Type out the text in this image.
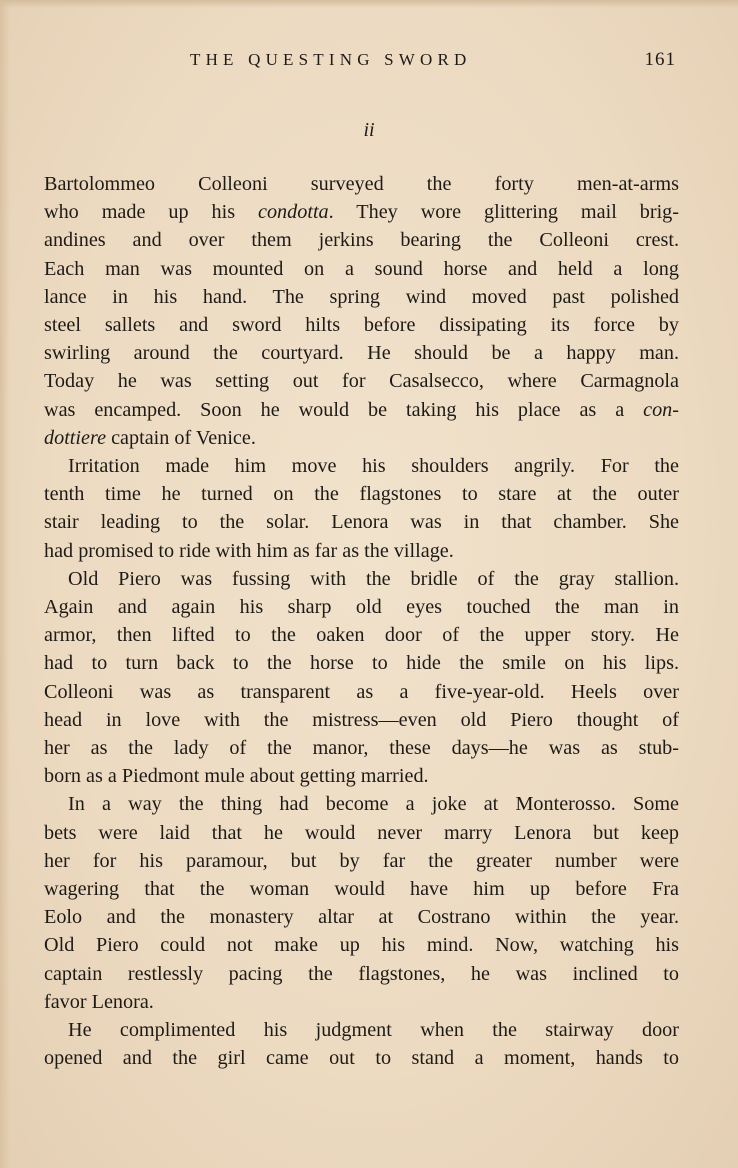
THE QUESTING SWORD	161
ii
Bartolommeo Colleoni surveyed the forty men-at-arms
who made up his condotta. They wore glittering mail brig-
andines and over them jerkins bearing the Colleoni crest.
Each man was mounted on a sound horse and held a long
lance in his hand. The spring wind moved past polished
steel sallets and sword hilts before dissipating its force by
swirling around the courtyard. He should be a happy man.
Today he was setting out for Casalsecco, where Carmagnola
was encamped. Soon he would be taking his place as a con-
dottiere captain of Venice.
Irritation made him move his shoulders angrily. For the
tenth time he turned on the flagstones to stare at the outer
stair leading to the solar. Lenora was in that chamber. She
had promised to ride with him as far as the village.
Old Piero was fussing with the bridle of the gray stallion.
Again and again his sharp old eyes touched the man in
armor, then lifted to the oaken door of the upper story. He
had to turn back to the horse to hide the smile on his lips.
Colleoni was as transparent as a five-year-old. Heels over
head in love with the mistress—even old Piero thought of
her as the lady of the manor, these days—he was as stub-
born as a Piedmont mule about getting married.
In a way the thing had become a joke at Monterosso. Some
bets were laid that he would never marry Lenora but keep
her for his paramour, but by far the greater number were
wagering that the woman would have him up before Fra
Eolo and the monastery altar at Costrano within the year.
Old Piero could not make up his mind. Now, watching his
captain restlessly pacing the flagstones, he was inclined to
favor Lenora.
He complimented his judgment when the stairway door
opened and the girl came out to stand a moment, hands to
